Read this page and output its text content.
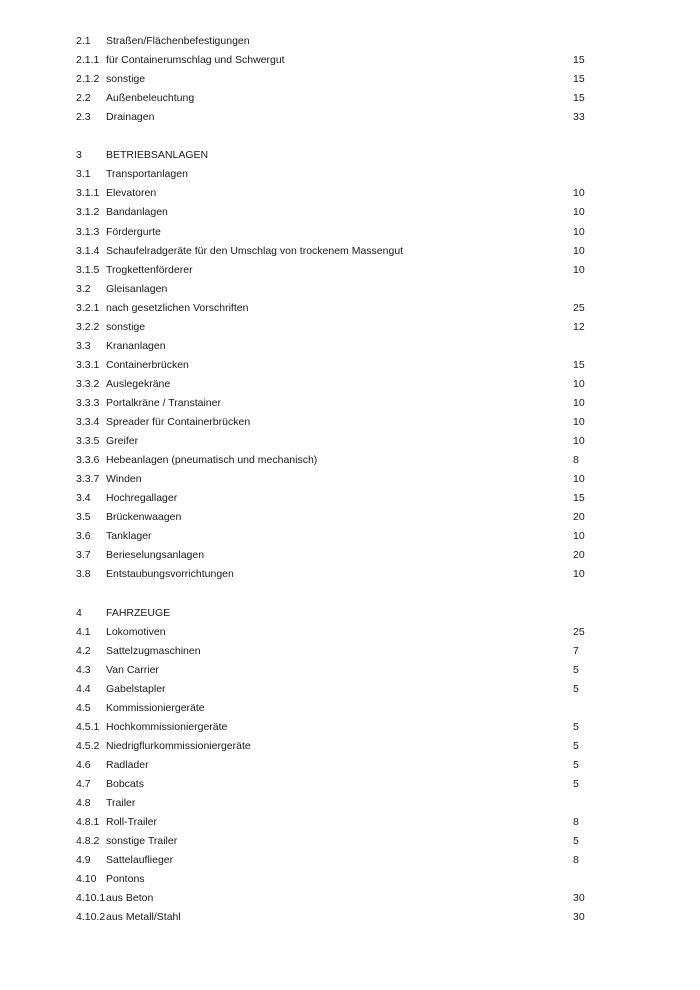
2.1 Straßen/Flächenbefestigungen
2.1.1 für Containerumschlag und Schwergut	15
2.1.2 sonstige	15
2.2 Außenbeleuchtung	15
2.3 Drainagen	33
3 BETRIEBSANLAGEN
3.1 Transportanlagen
3.1.1 Elevatoren	10
3.1.2 Bandanlagen	10
3.1.3 Fördergurte	10
3.1.4 Schaufelradgeräte für den Umschlag von trockenem Massengut	10
3.1.5 Trogkettenförderer	10
3.2 Gleisanlagen
3.2.1 nach gesetzlichen Vorschriften	25
3.2.2 sonstige	12
3.3 Krananlagen
3.3.1 Containerbrücken	15
3.3.2 Auslegekräne	10
3.3.3 Portalkräne / Transtainer	10
3.3.4 Spreader für Containerbrücken	10
3.3.5 Greifer	10
3.3.6 Hebeanlagen (pneumatisch und mechanisch)	8
3.3.7 Winden	10
3.4 Hochregallager	15
3.5 Brückenwaagen	20
3.6 Tanklager	10
3.7 Berieselungsanlagen	20
3.8 Entstaubungsvorrichtungen	10
4 FAHRZEUGE
4.1 Lokomotiven	25
4.2 Sattelzugmaschinen	7
4.3 Van Carrier	5
4.4 Gabelstapler	5
4.5 Kommissioniergeräte
4.5.1 Hochkommissioniergeräte	5
4.5.2 Niedrigflurkommissioniergeräte	5
4.6 Radlader	5
4.7 Bobcats	5
4.8 Trailer
4.8.1 Roll-Trailer	8
4.8.2 sonstige Trailer	5
4.9 Sattelauflieger	8
4.10 Pontons
4.10.1 aus Beton	30
4.10.2 aus Metall/Stahl	30
